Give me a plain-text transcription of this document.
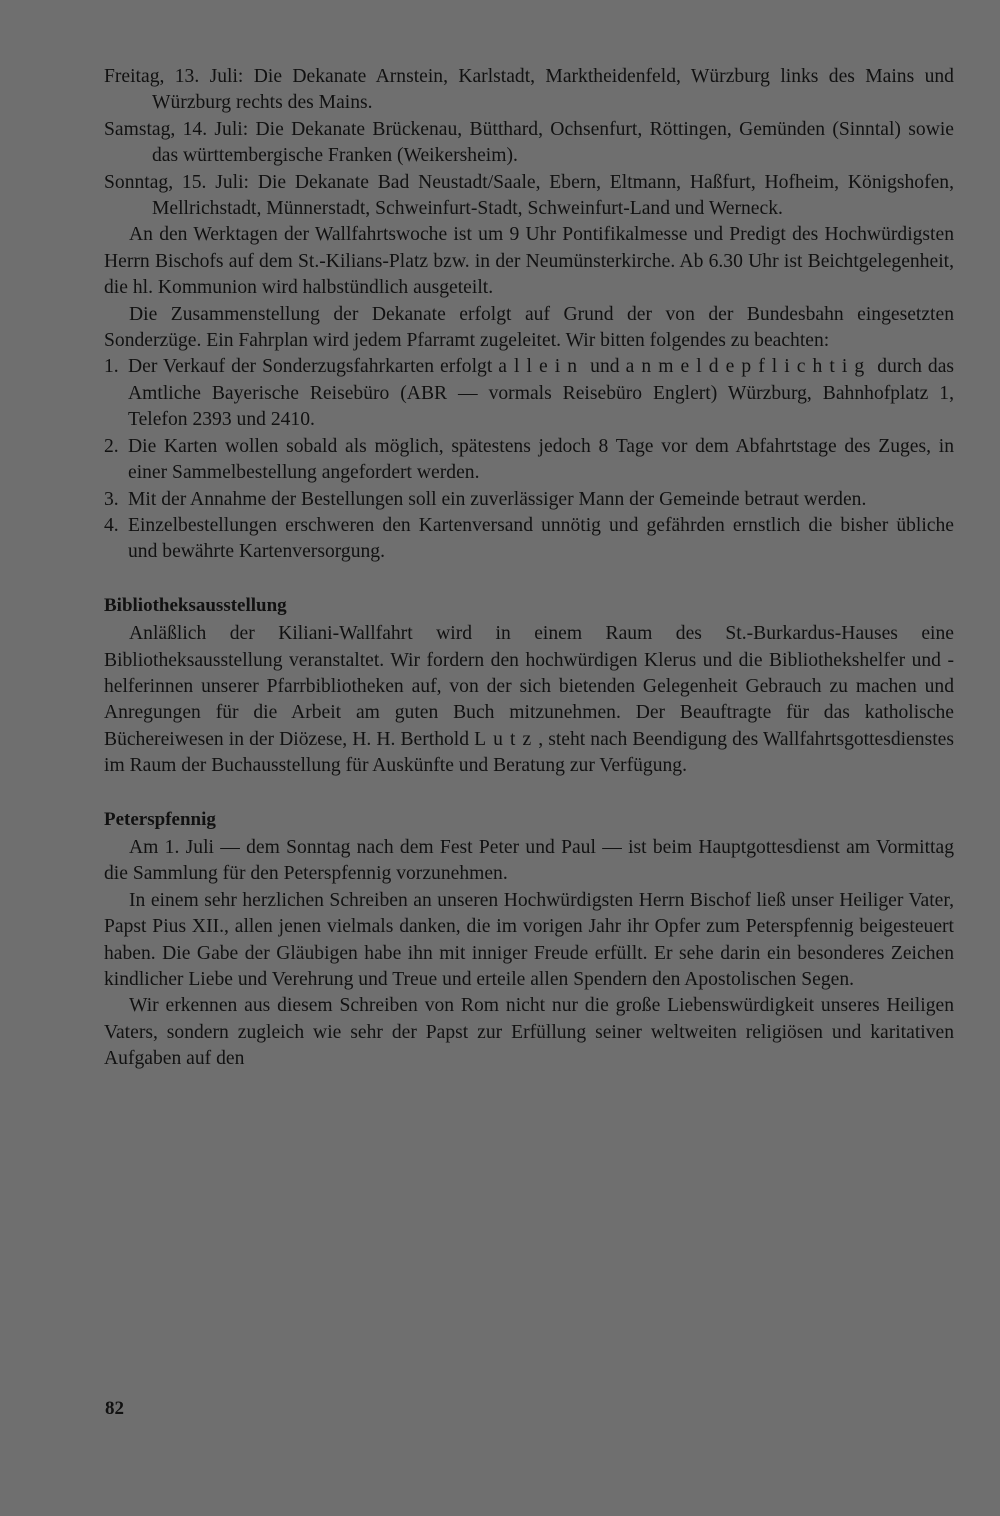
Freitag, 13. Juli: Die Dekanate Arnstein, Karlstadt, Marktheidenfeld, Würzburg links des Mains und Würzburg rechts des Mains.

Samstag, 14. Juli: Die Dekanate Brückenau, Bütthard, Ochsenfurt, Röttingen, Gemünden (Sinntal) sowie das württembergische Franken (Weikersheim).

Sonntag, 15. Juli: Die Dekanate Bad Neustadt/Saale, Ebern, Eltmann, Haßfurt, Hofheim, Königshofen, Mellrichstadt, Münnerstadt, Schweinfurt-Stadt, Schweinfurt-Land und Werneck.

An den Werktagen der Wallfahrtswoche ist um 9 Uhr Pontifikalmesse und Predigt des Hochwürdigsten Herrn Bischofs auf dem St.-Kilians-Platz bzw. in der Neumünsterkirche. Ab 6.30 Uhr ist Beichtgelegenheit, die hl. Kommunion wird halbstündlich ausgeteilt.

Die Zusammenstellung der Dekanate erfolgt auf Grund der von der Bundesbahn eingesetzten Sonderzüge. Ein Fahrplan wird jedem Pfarramt zugeleitet. Wir bitten folgendes zu beachten:

1. Der Verkauf der Sonderzugsfahrkarten erfolgt allein und anmeldepflichtig durch das Amtliche Bayerische Reisebüro (ABR — vormals Reisebüro Englert) Würzburg, Bahnhofplatz 1, Telefon 2393 und 2410.
2. Die Karten wollen sobald als möglich, spätestens jedoch 8 Tage vor dem Abfahrtstage des Zuges, in einer Sammelbestellung angefordert werden.
3. Mit der Annahme der Bestellungen soll ein zuverlässiger Mann der Gemeinde betraut werden.
4. Einzelbestellungen erschweren den Kartenversand unnötig und gefährden ernstlich die bisher übliche und bewährte Kartenversorgung.

Bibliotheksausstellung

Anläßlich der Kiliani-Wallfahrt wird in einem Raum des St.-Burkardus-Hauses eine Bibliotheksausstellung veranstaltet. Wir fordern den hochwürdigen Klerus und die Bibliothekshelfer und -helferinnen unserer Pfarrbibliotheken auf, von der sich bietenden Gelegenheit Gebrauch zu machen und Anregungen für die Arbeit am guten Buch mitzunehmen. Der Beauftragte für das katholische Büchereiwesen in der Diözese, H. H. Berthold Lutz, steht nach Beendigung des Wallfahrtsgottesdienstes im Raum der Buchausstellung für Auskünfte und Beratung zur Verfügung.

Peterspfennig

Am 1. Juli — dem Sonntag nach dem Fest Peter und Paul — ist beim Hauptgottesdienst am Vormittag die Sammlung für den Peterspfennig vorzunehmen.

In einem sehr herzlichen Schreiben an unseren Hochwürdigsten Herrn Bischof ließ unser Heiliger Vater, Papst Pius XII., allen jenen vielmals danken, die im vorigen Jahr ihr Opfer zum Peterspfennig beigesteuert haben. Die Gabe der Gläubigen habe ihn mit inniger Freude erfüllt. Er sehe darin ein besonderes Zeichen kindlicher Liebe und Verehrung und Treue und erteile allen Spendern den Apostolischen Segen.

Wir erkennen aus diesem Schreiben von Rom nicht nur die große Liebenswürdigkeit unseres Heiligen Vaters, sondern zugleich wie sehr der Papst zur Erfüllung seiner weltweiten religiösen und karitativen Aufgaben auf den

82
